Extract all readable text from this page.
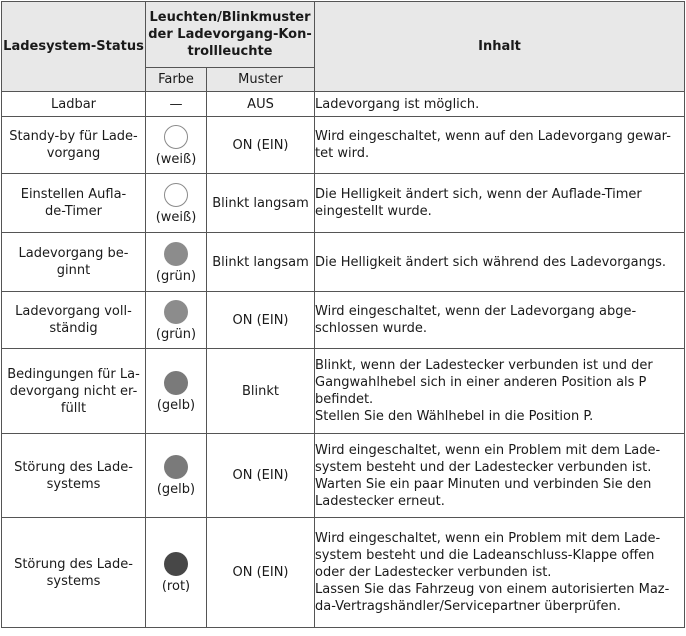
Ladesystem-Status	Leuchten/Blinkmuster
der Ladevorgang-Kon-
trollleuchte		Inhalt
	Farbe	Muster	

Ladbar	—	AUS	Ladevorgang ist möglich.

Standy-by für Lade-
vorgang	(weiß)	ON (EIN)	Wird eingeschaltet, wenn auf den Ladevorgang gewar-
tet wird.

Einstellen Aufla-
de-Timer	(weiß)	Blinkt langsam	Die Helligkeit ändert sich, wenn der Auflade-Timer
eingestellt wurde.

Ladevorgang be-
ginnt	(grün)	Blinkt langsam	Die Helligkeit ändert sich während des Ladevorgangs.

Ladevorgang voll-
ständig	(grün)	ON (EIN)	Wird eingeschaltet, wenn der Ladevorgang abge-
schlossen wurde.

Bedingungen für La-
devorgang nicht er-
füllt	(gelb)	Blinkt	Blinkt, wenn der Ladestecker verbunden ist und der
Gangwahlhebel sich in einer anderen Position als P
befindet.
Stellen Sie den Wählhebel in die Position P.

Störung des Lade-
systems	(gelb)	ON (EIN)	Wird eingeschaltet, wenn ein Problem mit dem Lade-
system besteht und der Ladestecker verbunden ist.
Warten Sie ein paar Minuten und verbinden Sie den
Ladestecker erneut.

Störung des Lade-
systems	(rot)	ON (EIN)	Wird eingeschaltet, wenn ein Problem mit dem Lade-
system besteht und die Ladeanschluss-Klappe offen
oder der Ladestecker verbunden ist.
Lassen Sie das Fahrzeug von einem autorisierten Maz-
da-Vertragshändler/Servicepartner überprüfen.
